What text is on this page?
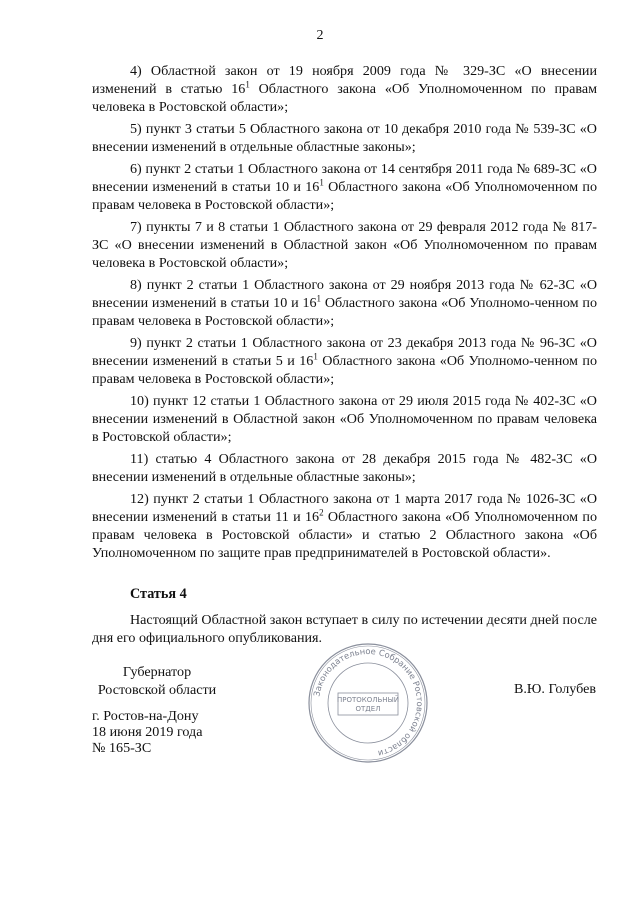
2

4) Областной закон от 19 ноября 2009 года № 329-ЗС «О внесении изменений в статью $16^1$ Областного закона «Об Уполномоченном по правам человека в Ростовской области»;

5) пункт 3 статьи 5 Областного закона от 10 декабря 2010 года № 539-ЗС «О внесении изменений в отдельные областные законы»;

6) пункт 2 статьи 1 Областного закона от 14 сентября 2011 года № 689-ЗС «О внесении изменений в статьи 10 и $16^1$ Областного закона «Об Уполномоченном по правам человека в Ростовской области»;

7) пункты 7 и 8 статьи 1 Областного закона от 29 февраля 2012 года № 817-ЗС «О внесении изменений в Областной закон «Об Уполномоченном по правам человека в Ростовской области»;

8) пункт 2 статьи 1 Областного закона от 29 ноября 2013 года № 62-ЗС «О внесении изменений в статьи 10 и $16^1$ Областного закона «Об Уполномо-ченном по правам человека в Ростовской области»;

9) пункт 2 статьи 1 Областного закона от 23 декабря 2013 года № 96-ЗС «О внесении изменений в статьи 5 и $16^1$ Областного закона «Об Уполномо-ченном по правам человека в Ростовской области»;

10) пункт 12 статьи 1 Областного закона от 29 июля 2015 года № 402-ЗС «О внесении изменений в Областной закон «Об Уполномоченном по правам человека в Ростовской области»;

11) статью 4 Областного закона от 28 декабря 2015 года № 482-ЗС «О внесении изменений в отдельные областные законы»;

12) пункт 2 статьи 1 Областного закона от 1 марта 2017 года № 1026-ЗС «О внесении изменений в статьи 11 и $16^2$ Областного закона «Об Уполномоченном по правам человека в Ростовской области» и статью 2 Областного закона «Об Уполномоченном по защите прав предпринимателей в Ростовской области».

Статья 4

Настоящий Областной закон вступает в силу по истечении десяти дней после дня его официального опубликования.

Губернатор
Ростовской области
г. Ростов-на-Дону
18 июня 2019 года
№ 165-ЗС
В.Ю. Голубев
Законодательное Собрание Ростовской области
ПРОТОКОЛЬНЫЙ
ОТДЕЛ
